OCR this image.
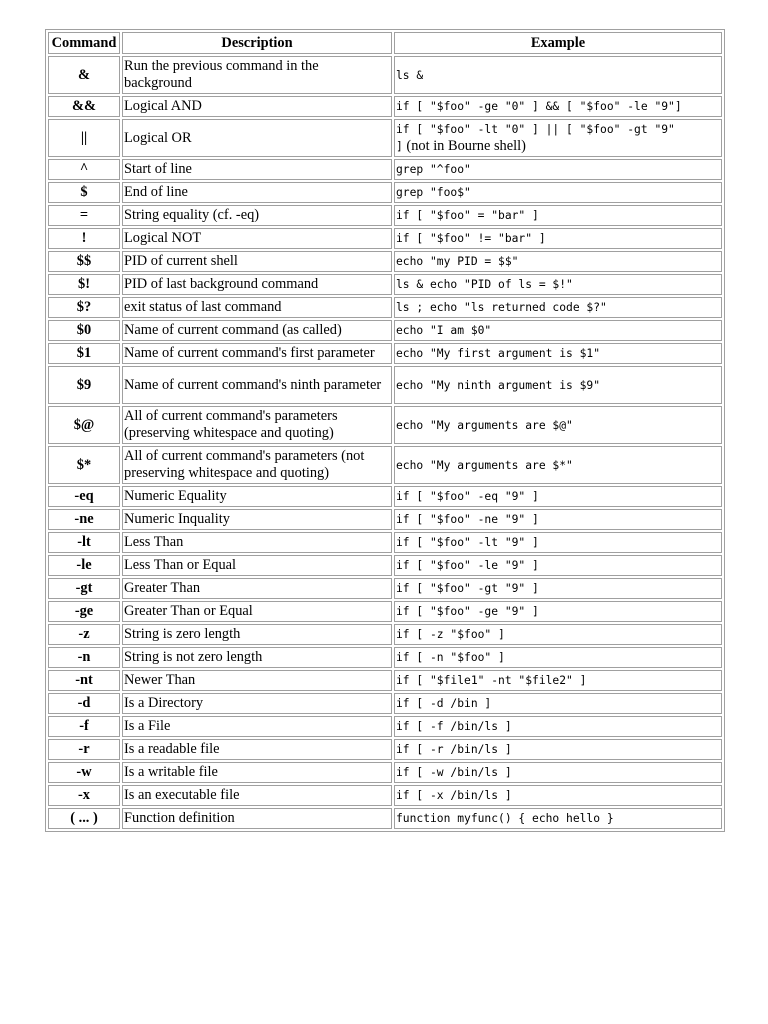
Command	Description	Example
&	Run the previous command in the background	ls &
&&	Logical AND	if [ "$foo" -ge "0" ] && [ "$foo" -le "9"]
||	Logical OR	if [ "$foo" -lt "0" ] || [ "$foo" -gt "9"
] (not in Bourne shell)
^	Start of line	grep "^foo"
$	End of line	grep "foo$"
=	String equality (cf. -eq)	if [ "$foo" = "bar" ]
!	Logical NOT	if [ "$foo" != "bar" ]
$$	PID of current shell	echo "my PID = $$"
$!	PID of last background command	ls & echo "PID of ls = $!"
$?	exit status of last command	ls ; echo "ls returned code $?"
$0	Name of current command (as called)	echo "I am $0"
$1	Name of current command's first parameter	echo "My first argument is $1"
$9	Name of current command's ninth parameter	echo "My ninth argument is $9"
$@	All of current command's parameters (preserving whitespace and quoting)	echo "My arguments are $@"
$*	All of current command's parameters (not preserving whitespace and quoting)	echo "My arguments are $*"
-eq	Numeric Equality	if [ "$foo" -eq "9" ]
-ne	Numeric Inquality	if [ "$foo" -ne "9" ]
-lt	Less Than	if [ "$foo" -lt "9" ]
-le	Less Than or Equal	if [ "$foo" -le "9" ]
-gt	Greater Than	if [ "$foo" -gt "9" ]
-ge	Greater Than or Equal	if [ "$foo" -ge "9" ]
-z	String is zero length	if [ -z "$foo" ]
-n	String is not zero length	if [ -n "$foo" ]
-nt	Newer Than	if [ "$file1" -nt "$file2" ]
-d	Is a Directory	if [ -d /bin ]
-f	Is a File	if [ -f /bin/ls ]
-r	Is a readable file	if [ -r /bin/ls ]
-w	Is a writable file	if [ -w /bin/ls ]
-x	Is an executable file	if [ -x /bin/ls ]
( ... )	Function definition	function myfunc() { echo hello }
